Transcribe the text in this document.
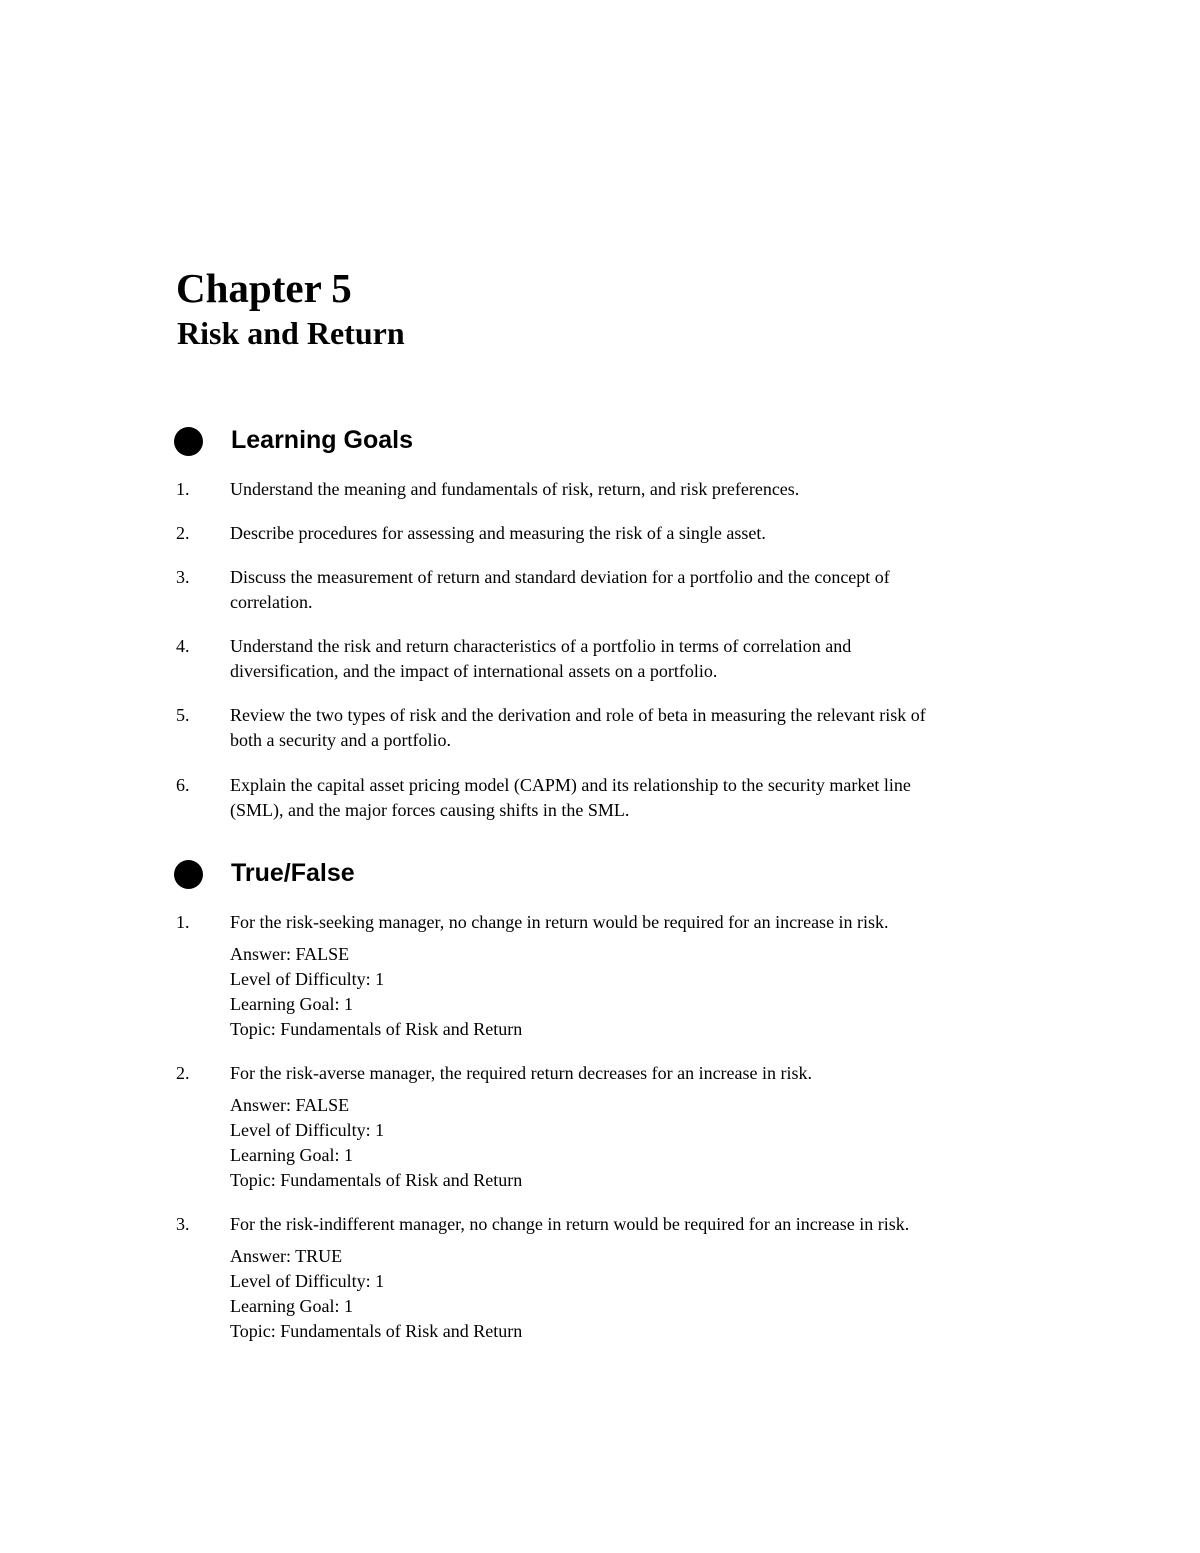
Chapter 5
Risk and Return
Learning Goals
1. Understand the meaning and fundamentals of risk, return, and risk preferences.
2. Describe procedures for assessing and measuring the risk of a single asset.
3. Discuss the measurement of return and standard deviation for a portfolio and the concept of
correlation.
4. Understand the risk and return characteristics of a portfolio in terms of correlation and
diversification, and the impact of international assets on a portfolio.
5. Review the two types of risk and the derivation and role of beta in measuring the relevant risk of
both a security and a portfolio.
6. Explain the capital asset pricing model (CAPM) and its relationship to the security market line
(SML), and the major forces causing shifts in the SML.
True/False
1. For the risk-seeking manager, no change in return would be required for an increase in risk.
Answer: FALSE
Level of Difficulty: 1
Learning Goal: 1
Topic: Fundamentals of Risk and Return
2. For the risk-averse manager, the required return decreases for an increase in risk.
Answer: FALSE
Level of Difficulty: 1
Learning Goal: 1
Topic: Fundamentals of Risk and Return
3. For the risk-indifferent manager, no change in return would be required for an increase in risk.
Answer: TRUE
Level of Difficulty: 1
Learning Goal: 1
Topic: Fundamentals of Risk and Return
